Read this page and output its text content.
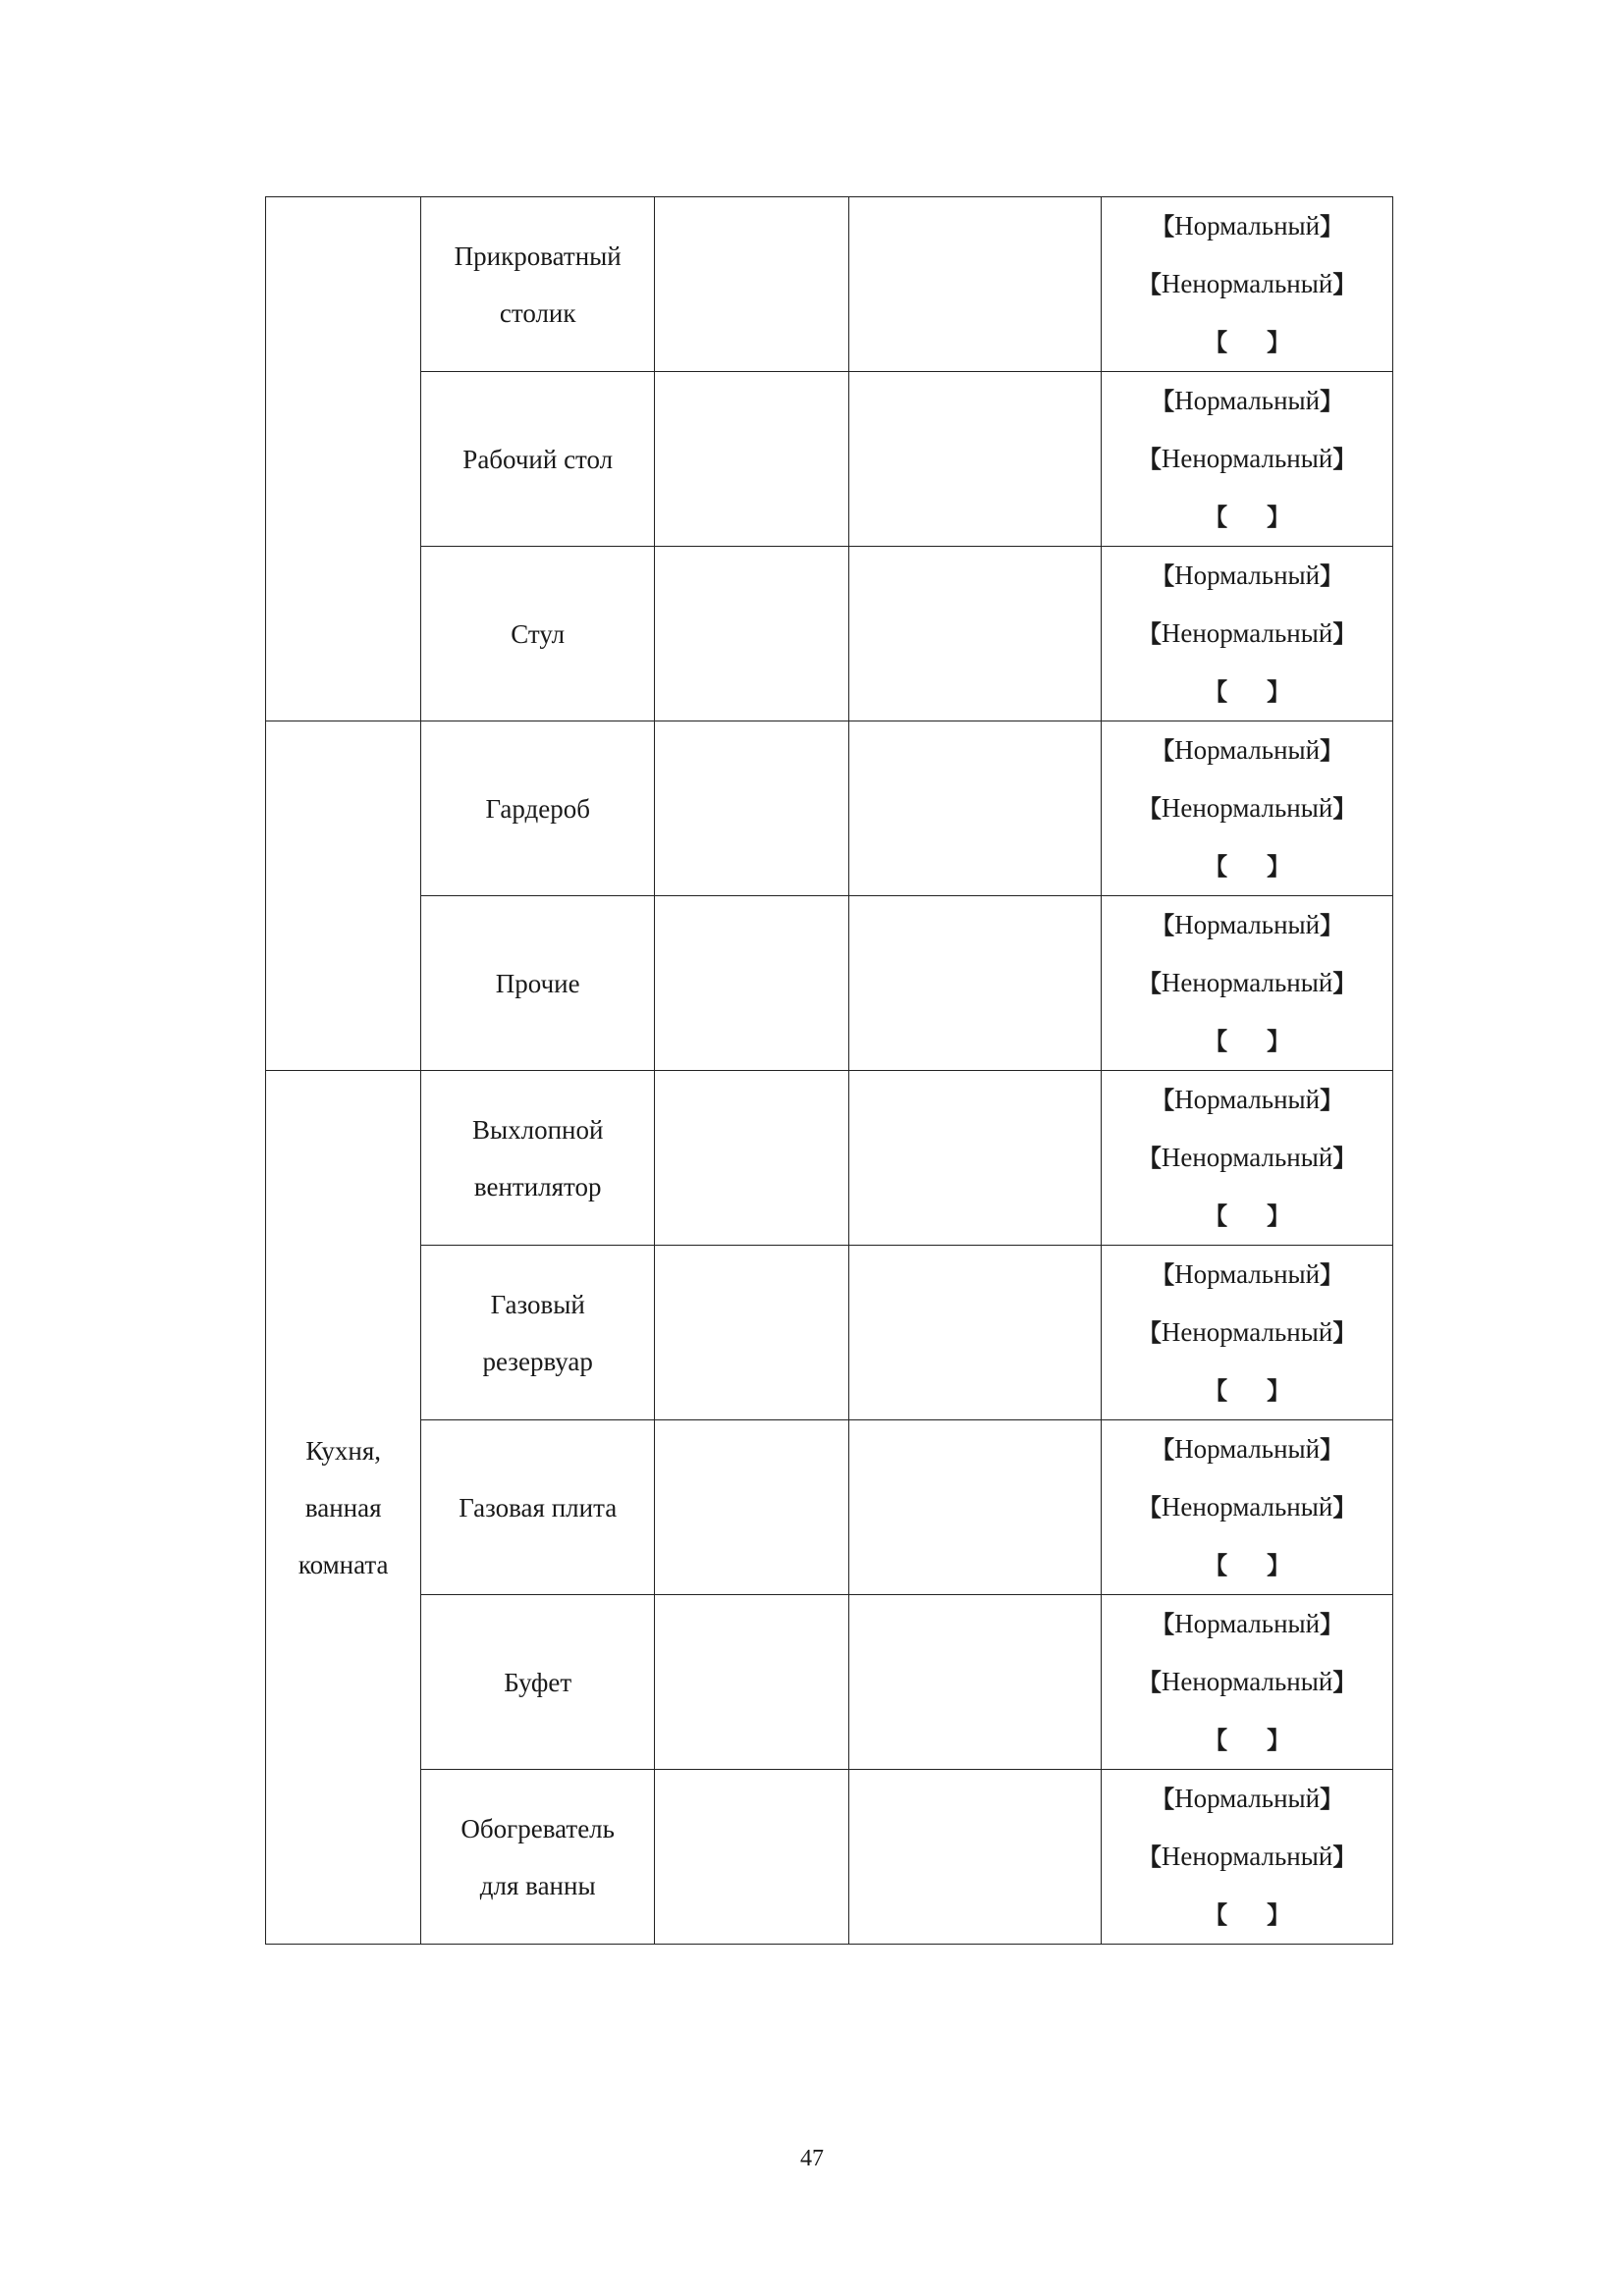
	Прикроватный столик			【Нормальный】
【Ненормальный】
【 】

	Рабочий стол			【Нормальный】
【Ненормальный】
【 】

	Стул			【Нормальный】
【Ненормальный】
【 】

	Гардероб			【Нормальный】
【Ненормальный】
【 】

	Прочие			【Нормальный】
【Ненормальный】
【 】

Кухня, ванная комната	Выхлопной вентилятор			【Нормальный】
【Ненормальный】
【 】

	Газовый резервуар			【Нормальный】
【Ненормальный】
【 】

	Газовая плита			【Нормальный】
【Ненормальный】
【 】

	Буфет			【Нормальный】
【Ненормальный】
【 】

	Обогреватель для ванны			【Нормальный】
【Ненормальный】
【 】
47
